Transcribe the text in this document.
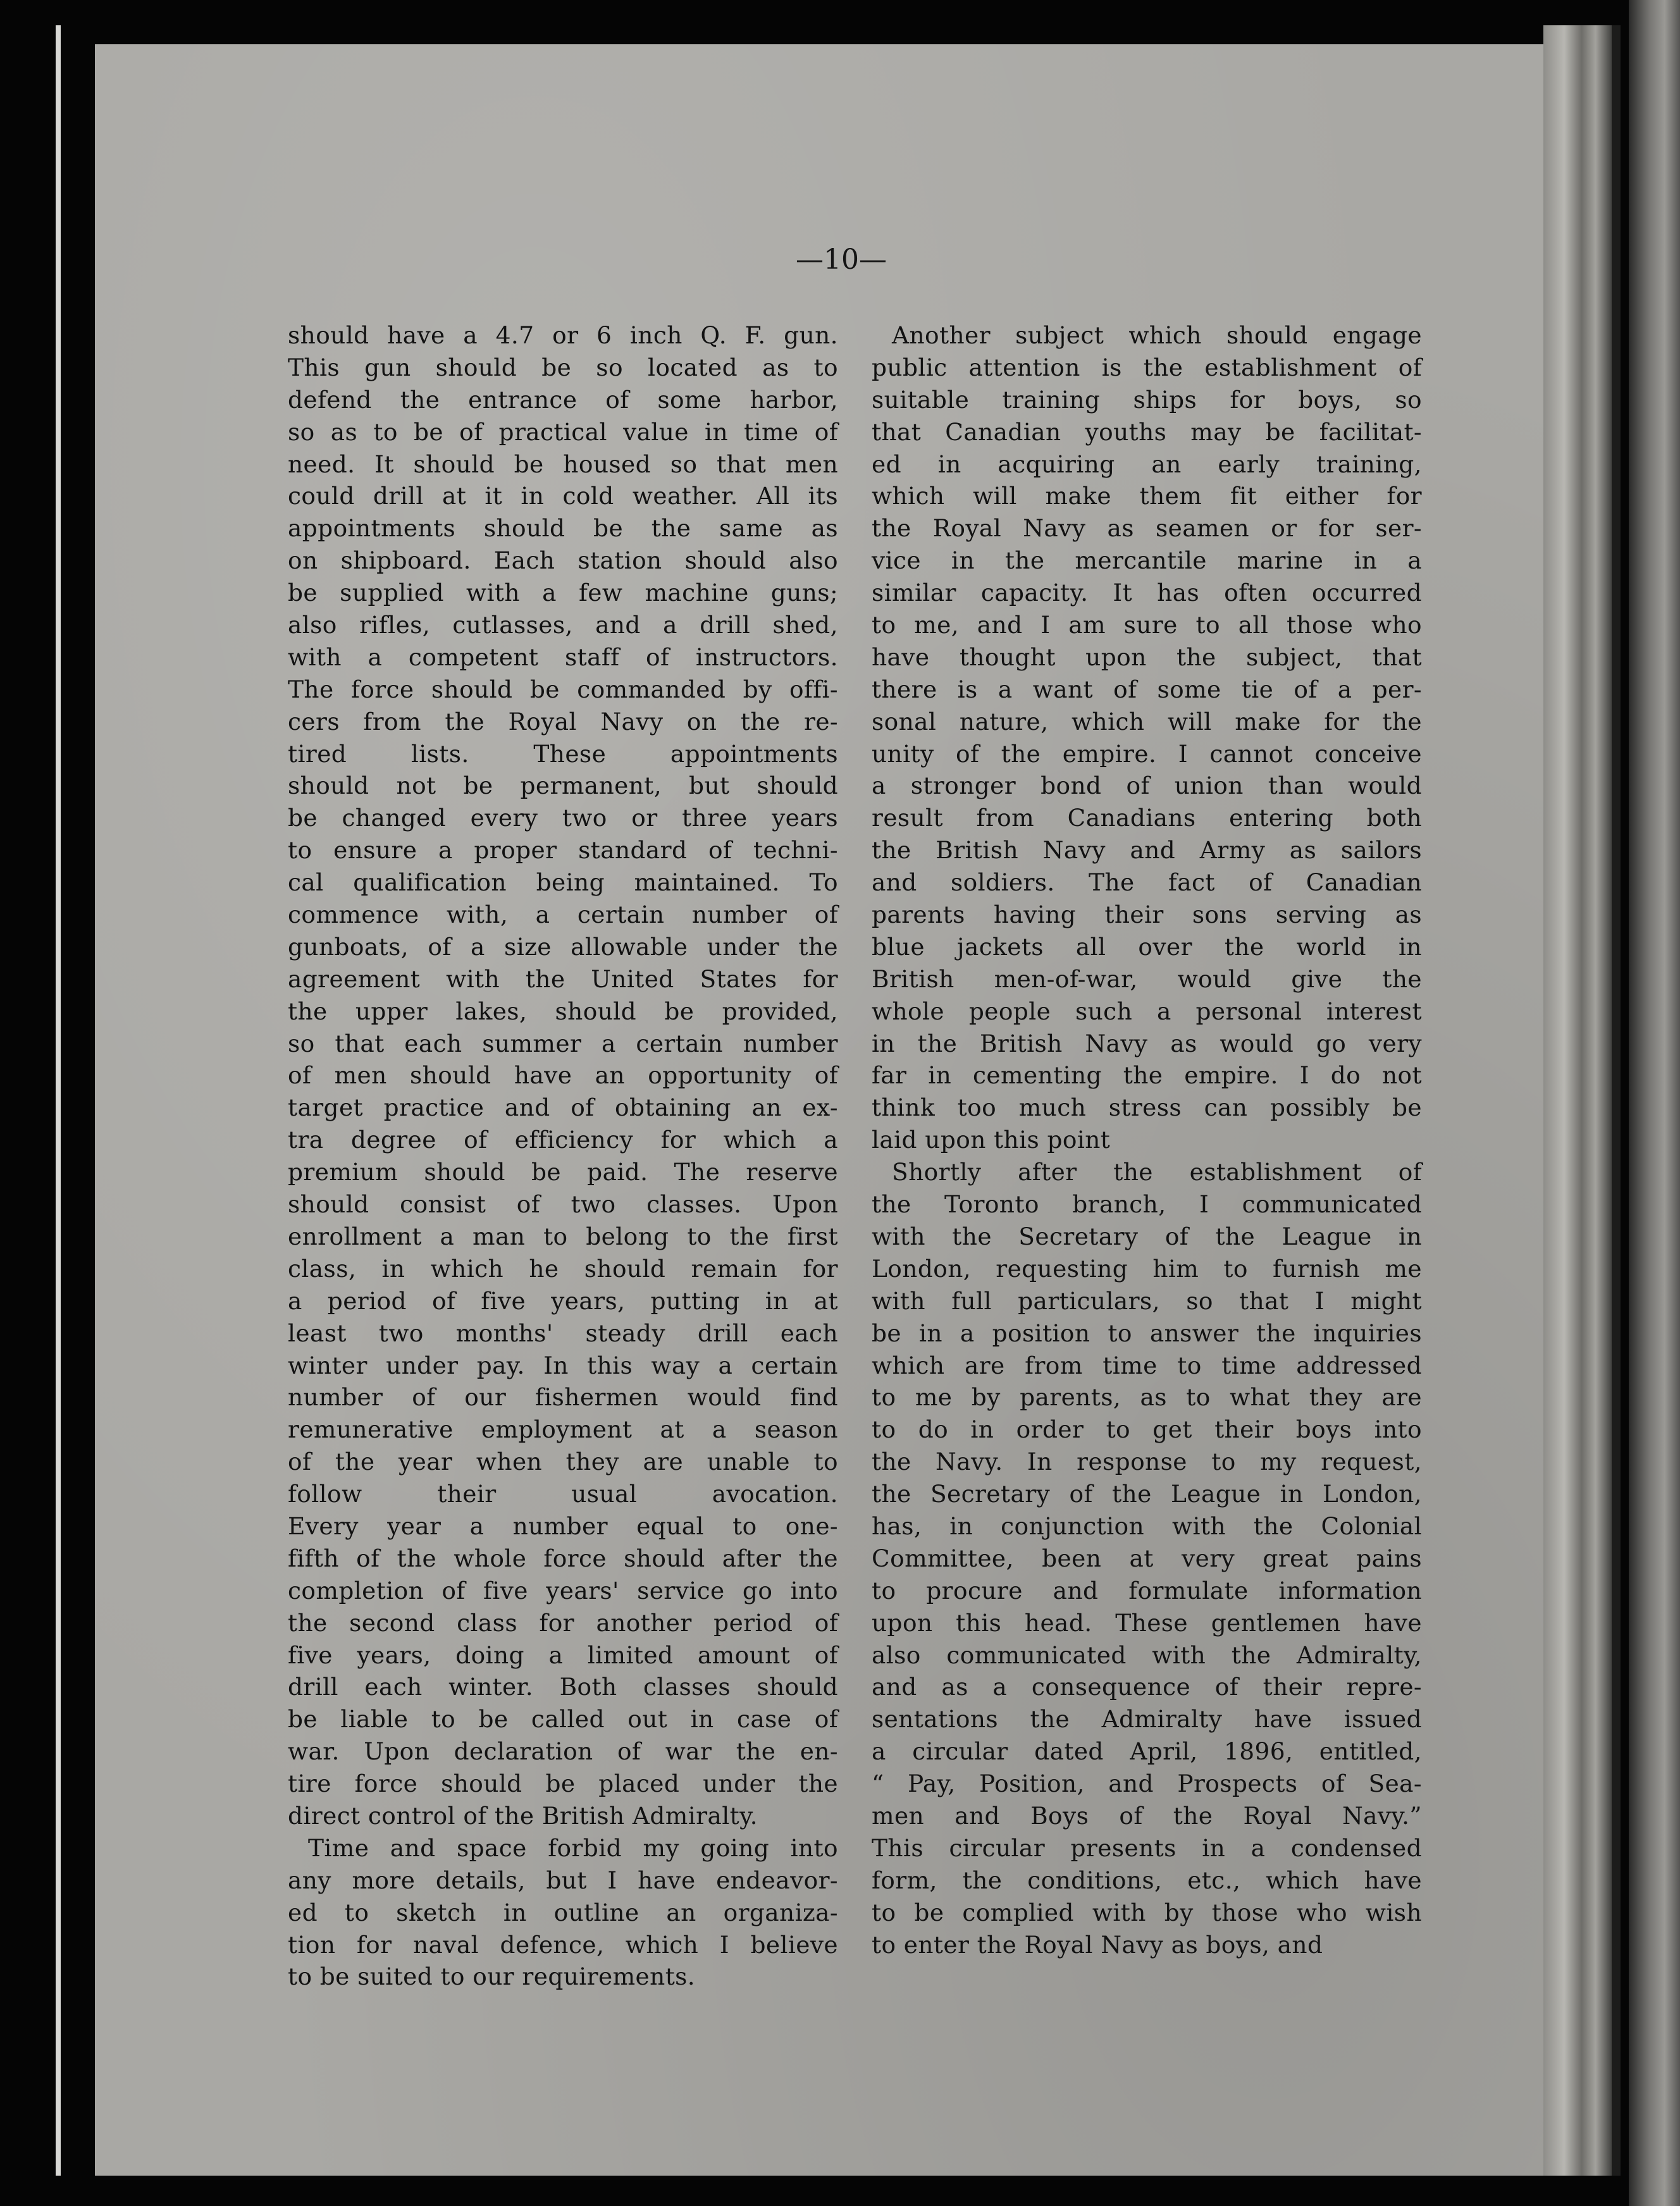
—10—
should have a 4.7 or 6 inch Q. F. gun.
This gun should be so located as to
defend the entrance of some harbor,
so as to be of practical value in time of
need. It should be housed so that men
could drill at it in cold weather. All its
appointments should be the same as
on shipboard. Each station should also
be supplied with a few machine guns;
also rifles, cutlasses, and a drill shed,
with a competent staff of instructors.
The force should be commanded by offi-
cers from the Royal Navy on the re-
tired lists. These appointments
should not be permanent, but should
be changed every two or three years
to ensure a proper standard of techni-
cal qualification being maintained. To
commence with, a certain number of
gunboats, of a size allowable under the
agreement with the United States for
the upper lakes, should be provided,
so that each summer a certain number
of men should have an opportunity of
target practice and of obtaining an ex-
tra degree of efficiency for which a
premium should be paid. The reserve
should consist of two classes. Upon
enrollment a man to belong to the first
class, in which he should remain for
a period of five years, putting in at
least two months' steady drill each
winter under pay. In this way a certain
number of our fishermen would find
remunerative employment at a season
of the year when they are unable to
follow their usual avocation.
Every year a number equal to one-
fifth of the whole force should after the
completion of five years' service go into
the second class for another period of
five years, doing a limited amount of
drill each winter. Both classes should
be liable to be called out in case of
war. Upon declaration of war the en-
tire force should be placed under the
direct control of the British Admiralty.
Time and space forbid my going into
any more details, but I have endeavor-
ed to sketch in outline an organiza-
tion for naval defence, which I believe
to be suited to our requirements.
Another subject which should engage
public attention is the establishment of
suitable training ships for boys, so
that Canadian youths may be facilitat-
ed in acquiring an early training,
which will make them fit either for
the Royal Navy as seamen or for ser-
vice in the mercantile marine in a
similar capacity. It has often occurred
to me, and I am sure to all those who
have thought upon the subject, that
there is a want of some tie of a per-
sonal nature, which will make for the
unity of the empire. I cannot conceive
a stronger bond of union than would
result from Canadians entering both
the British Navy and Army as sailors
and soldiers. The fact of Canadian
parents having their sons serving as
blue jackets all over the world in
British men-of-war, would give the
whole people such a personal interest
in the British Navy as would go very
far in cementing the empire. I do not
think too much stress can possibly be
laid upon this point
Shortly after the establishment of
the Toronto branch, I communicated
with the Secretary of the League in
London, requesting him to furnish me
with full particulars, so that I might
be in a position to answer the inquiries
which are from time to time addressed
to me by parents, as to what they are
to do in order to get their boys into
the Navy. In response to my request,
the Secretary of the League in London,
has, in conjunction with the Colonial
Committee, been at very great pains
to procure and formulate information
upon this head. These gentlemen have
also communicated with the Admiralty,
and as a consequence of their repre-
sentations the Admiralty have issued
a circular dated April, 1896, entitled,
“ Pay, Position, and Prospects of Sea-
men and Boys of the Royal Navy.”
This circular presents in a condensed
form, the conditions, etc., which have
to be complied with by those who wish
to enter the Royal Navy as boys, and
